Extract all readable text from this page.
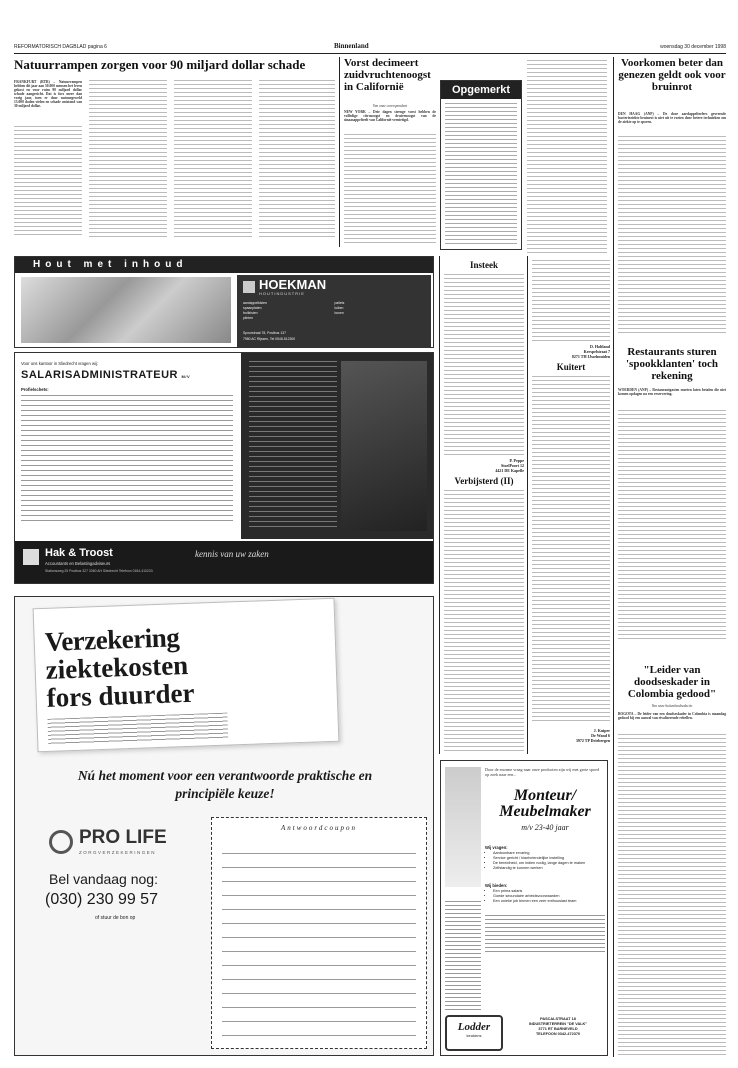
REFORMATORISCH DAGBLAD pagina 6	Binnenland	woensdag 30 december 1998
Natuurrampen zorgen voor 90 miljard dollar schade
FRANKFURT (RTR) – Natuurrampen hebben dit jaar aan 50.000 mensen het leven gekost en voor ruim 90 miljard dollar schade aangericht. Dat is fors meer dan vorig jaar, toen er door natuurgeweld 13.000 doden vielen en schade ontstond van 30 miljard dollar.
Vorst decimeert zuidvruchtenoogst in Californië
Van onze correspondent
NEW YORK – Drie dagen strenge vorst hebben de volledige citrusoogst en druivenoogst van de sinaasappelteelt van Californië vernietigd.
Opgemerkt
Voorkomen beter dan genezen geldt ook voor bruinrot
DEN HAAG (ANP) – De door aardappelteelers gevreesde bacterieziekte bruinrot is niet uit te roeien door betere technieken om de ziekte op te sporen.
Restaurants sturen 'spookklanten' toch rekening
WOERDEN (ANP) – Restaurantgasten moeten laten betalen die niet komen opdagen na een reservering.
"Leider van doodseskader in Colombia gedood"
Van onze buitenlandredactie
BOGOTA – De leider van een doodseskader in Colombia is maandag gedood bij een aanval van rivaliserende rebellen.
Insteek
P. Peppe
StoelPoort 12
4421 DE Kapelle
Verbijsterd (II)
D. Holtland
Kerspelstraat 7
8271 TH IJsselmuiden
Kuitert
J. Kuiper
De Wand 6
3972 TP Driebergen
Hout met inhoud
HOEKMAN
HOUTINDUSTRIE
aardappelkisten
spaanplaten
fruitkisten
plinten
pallets
luiken
boxen
Spoorstraat 78, Postbus 137
7980 AC Rijssen, Tel 0548-512300
Voor ons kantoor in Sliedrecht vragen wij:
SALARISADMINISTRATEUR M/V
Profielschets:
Hak & Troost	kennis van uw zaken
Accountants en Belastingadviseurs
Stationsweg 25 Postbus 327 3360 AH Sliedrecht Telefoon 0184-410233
Verzekering
ziektekosten
fors duurder
Nú het moment voor een verantwoorde praktische en principiële keuze!
PRO LIFE
ZORGVERZEKERINGEN
Bel vandaag nog:
(030) 230 99 57
of stuur de bon op
Antwoordcoupon
Door de enorme vraag naar onze producten zijn wij met grote spoed op zoek naar een...
Monteur/
Meubelmaker
m/v 23-40 jaar
Wij vragen:
• Aantoonbare ervaring
• Service gericht / klantvriendelijke instelling
• De bereidheid, om indien nodig, lange dagen te maken
• Zelfstandig te kunnen werken
Wij bieden:
• Een prima salaris
• Goede secundaire arbeidsvoorwaarden
• Een unieke job binnen een zeer enthousiast team
Lodder
keukens
PASCALSTRAAT 18
INDUSTRIETERREIN "DE VALK"
3771 RT BARNEVELD
TELEFOON 0342-472370
